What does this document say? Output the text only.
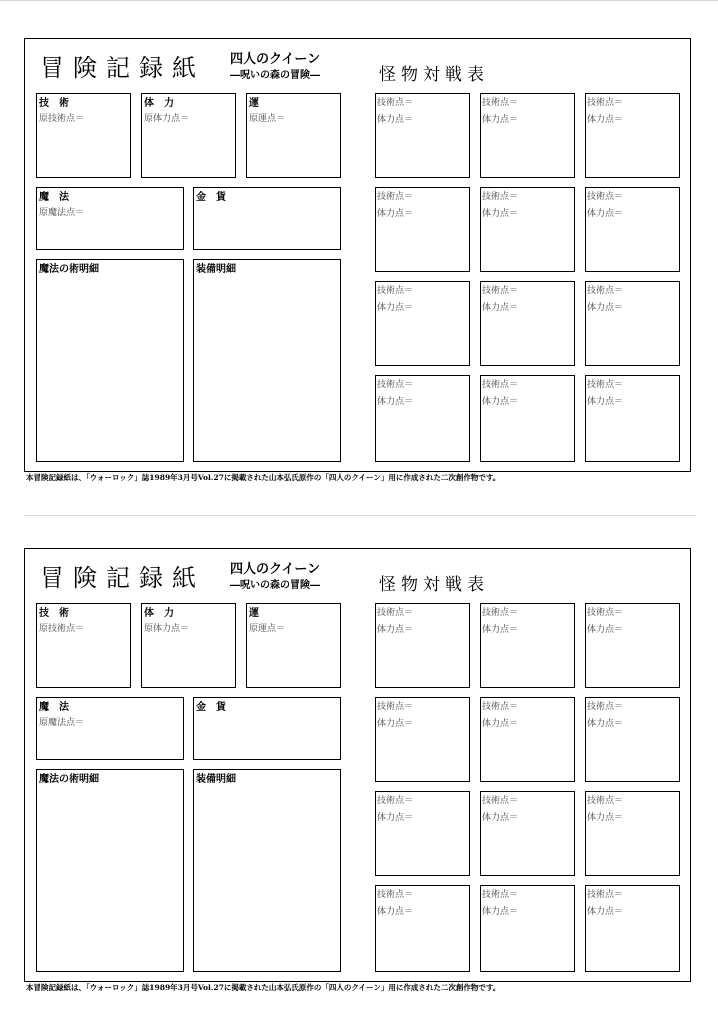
冒険記録紙 四人のクイーン
―呪いの森の冒険―	怪物対戦表
技　術
原技術点＝
体　力
原体力点＝
運
原運点＝
魔　法
原魔法点＝
金　貨
魔法の術明細	装備明細
技術点＝
体力点＝
技術点＝
体力点＝
技術点＝
体力点＝
技術点＝
体力点＝
技術点＝
体力点＝
技術点＝
体力点＝
技術点＝
体力点＝
技術点＝
体力点＝
技術点＝
体力点＝
技術点＝
体力点＝
技術点＝
体力点＝
技術点＝
体力点＝
本冒険記録紙は、「ウォーロック」誌1989年3月号Vol.27に掲載された山本弘氏原作の「四人のクイーン」用に作成された二次創作物です。
冒険記録紙 四人のクイーン
―呪いの森の冒険―	怪物対戦表
技　術
原技術点＝
体　力
原体力点＝
運
原運点＝
魔　法
原魔法点＝
金　貨
魔法の術明細	装備明細
技術点＝
体力点＝
技術点＝
体力点＝
技術点＝
体力点＝
技術点＝
体力点＝
技術点＝
体力点＝
技術点＝
体力点＝
技術点＝
体力点＝
技術点＝
体力点＝
技術点＝
体力点＝
技術点＝
体力点＝
技術点＝
体力点＝
技術点＝
体力点＝
本冒険記録紙は、「ウォーロック」誌1989年3月号Vol.27に掲載された山本弘氏原作の「四人のクイーン」用に作成された二次創作物です。
